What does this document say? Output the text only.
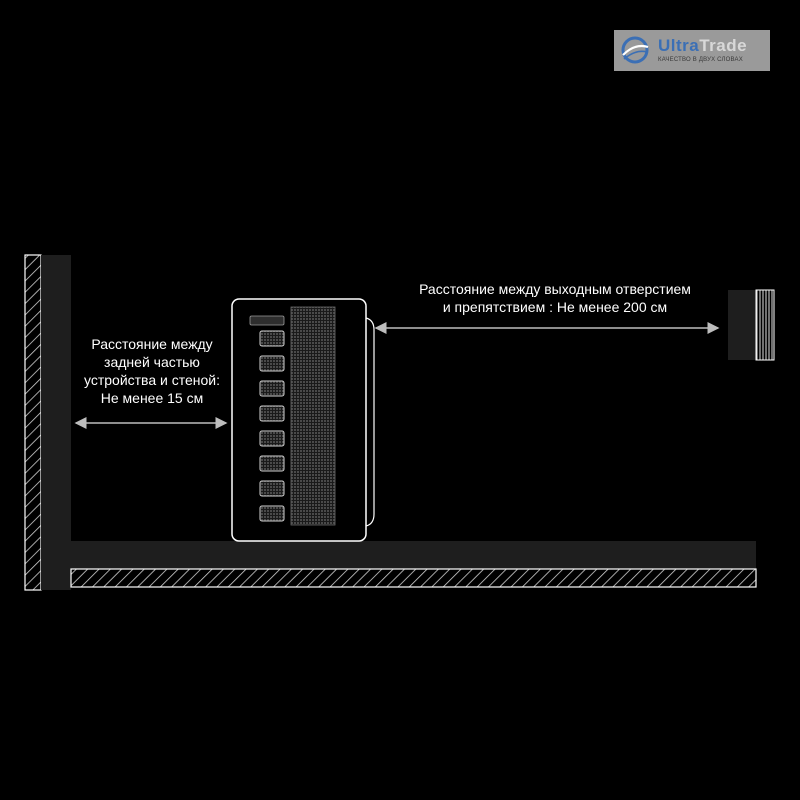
UltraTrade
КАЧЕСТВО В ДВУХ СЛОВАХ
Расстояние между
задней частью
устройства и стеной:
Не менее 15 см
Расстояние между выходным отверстием
и препятствием : Не менее 200 см
